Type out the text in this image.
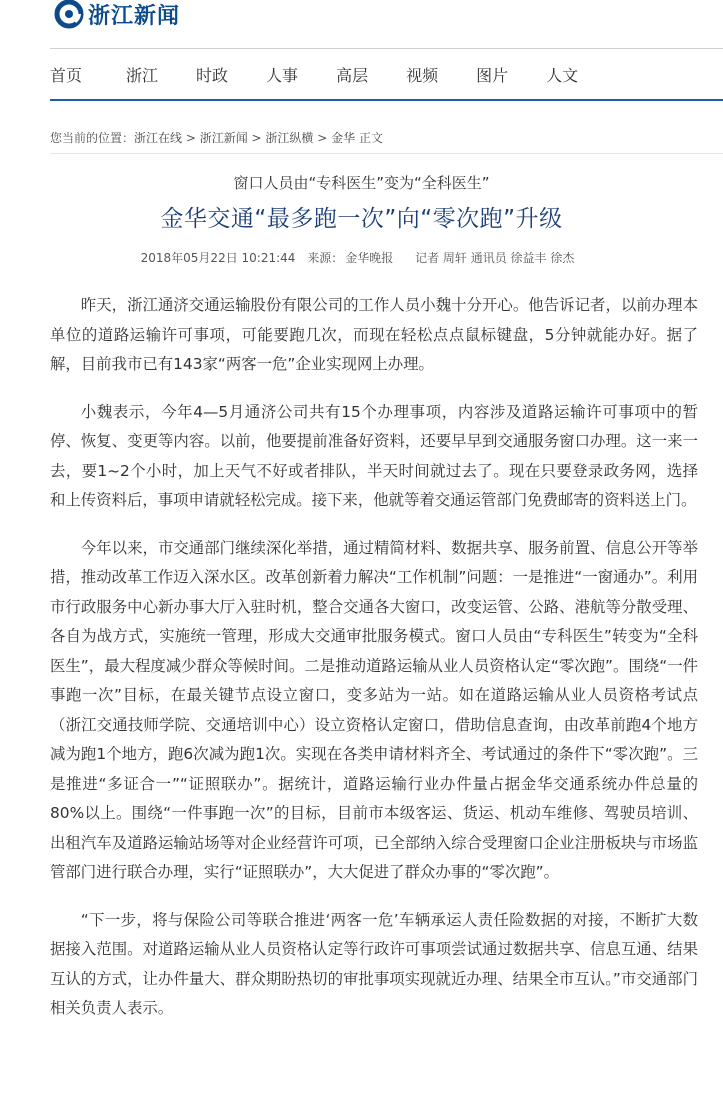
浙江新闻
首页	浙江 时政 人事 高层 视频 图片 人文
您当前的位置：浙江在线 > 浙江新闻 > 浙江纵横 > 金华 正文
窗口人员由“专科医生”变为“全科医生”
金华交通“最多跑一次”向“零次跑”升级
2018年05月22日 10:21:44 来源： 金华晚报 记者 周轩 通讯员 徐益丰 徐杰

昨天，浙江通济交通运输股份有限公司的工作人员小魏十分开心。他告诉记者，以前办理本单位的道路运输许可事项，可能要跑几次，而现在轻松点点鼠标键盘，5分钟就能办好。据了解，目前我市已有143家“两客一危”企业实现网上办理。

小魏表示，今年4—5月通济公司共有15个办理事项，内容涉及道路运输许可事项中的暂停、恢复、变更等内容。以前，他要提前准备好资料，还要早早到交通服务窗口办理。这一来一去，要1~2个小时，加上天气不好或者排队，半天时间就过去了。现在只要登录政务网，选择和上传资料后，事项申请就轻松完成。接下来，他就等着交通运管部门免费邮寄的资料送上门。

今年以来，市交通部门继续深化举措，通过精简材料、数据共享、服务前置、信息公开等举措，推动改革工作迈入深水区。改革创新着力解决“工作机制”问题：一是推进“一窗通办”。利用市行政服务中心新办事大厅入驻时机，整合交通各大窗口，改变运管、公路、港航等分散受理、各自为战方式，实施统一管理，形成大交通审批服务模式。窗口人员由“专科医生”转变为“全科医生”，最大程度减少群众等候时间。二是推动道路运输从业人员资格认定“零次跑”。围绕“一件事跑一次”目标，在最关键节点设立窗口，变多站为一站。如在道路运输从业人员资格考试点（浙江交通技师学院、交通培训中心）设立资格认定窗口，借助信息查询，由改革前跑4个地方减为跑1个地方，跑6次减为跑1次。实现在各类申请材料齐全、考试通过的条件下“零次跑”。三是推进“多证合一”“证照联办”。据统计，道路运输行业办件量占据金华交通系统办件总量的80%以上。围绕“一件事跑一次”的目标，目前市本级客运、货运、机动车维修、驾驶员培训、出租汽车及道路运输站场等对企业经营许可项，已全部纳入综合受理窗口企业注册板块与市场监管部门进行联合办理，实行“证照联办”，大大促进了群众办事的“零次跑”。

“下一步，将与保险公司等联合推进‘两客一危’车辆承运人责任险数据的对接，不断扩大数据接入范围。对道路运输从业人员资格认定等行政许可事项尝试通过数据共享、信息互通、结果互认的方式，让办件量大、群众期盼热切的审批事项实现就近办理、结果全市互认。”市交通部门相关负责人表示。
